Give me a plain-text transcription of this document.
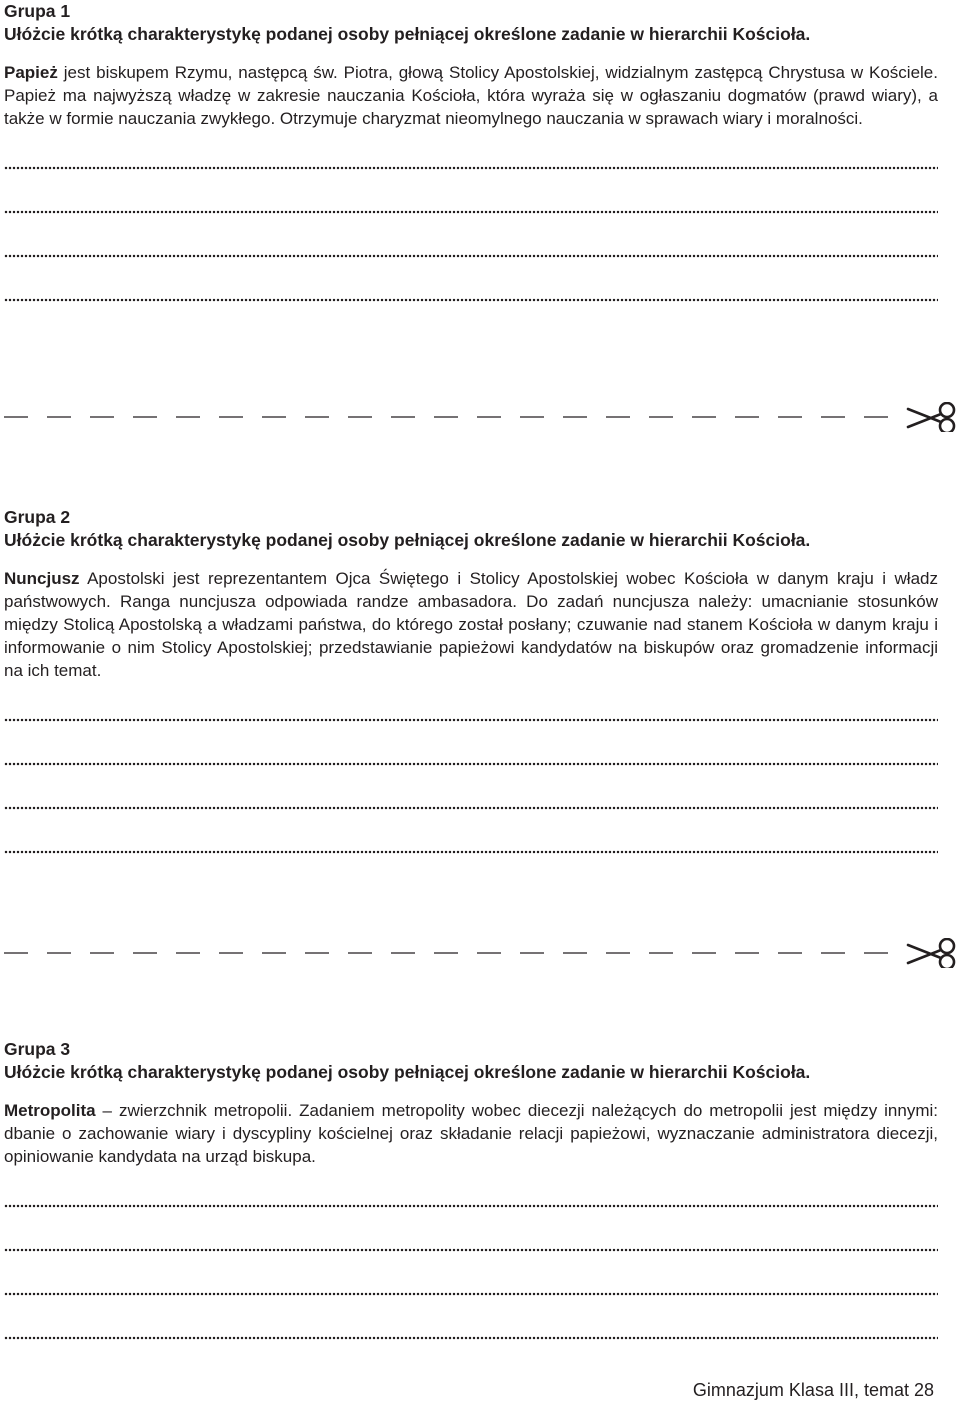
Grupa 1

Ułóżcie krótką charakterystykę podanej osoby pełniącej określone zadanie w hierarchii Kościoła.

Papież jest biskupem Rzymu, następcą św. Piotra, głową Stolicy Apostolskiej, widzialnym zastępcą Chrystusa w Kościele. Papież ma najwyższą władzę w zakresie nauczania Kościoła, która wyraża się w ogłaszaniu dogmatów (prawd wiary), a także w formie nauczania zwykłego. Otrzymuje charyzmat nieomylnego nauczania w sprawach wiary i moralności.

Grupa 2

Ułóżcie krótką charakterystykę podanej osoby pełniącej określone zadanie w hierarchii Kościoła.

Nuncjusz Apostolski jest reprezentantem Ojca Świętego i Stolicy Apostolskiej wobec Kościoła w danym kraju i władz państwowych. Ranga nuncjusza odpowiada randze ambasadora. Do zadań nuncjusza należy: umacnianie stosunków między Stolicą Apostolską a władzami państwa, do którego został posłany; czuwanie nad stanem Kościoła w danym kraju i informowanie o nim Stolicy Apostolskiej; przedstawianie papieżowi kandydatów na biskupów oraz gromadzenie informacji na ich temat.

Grupa 3

Ułóżcie krótką charakterystykę podanej osoby pełniącej określone zadanie w hierarchii Kościoła.

Metropolita – zwierzchnik metropolii. Zadaniem metropolity wobec diecezji należących do metropolii jest między innymi: dbanie o zachowanie wiary i dyscypliny kościelnej oraz składanie relacji papieżowi, wyznaczanie administratora diecezji, opiniowanie kandydata na urząd biskupa.

Gimnazjum Klasa III, temat 28
